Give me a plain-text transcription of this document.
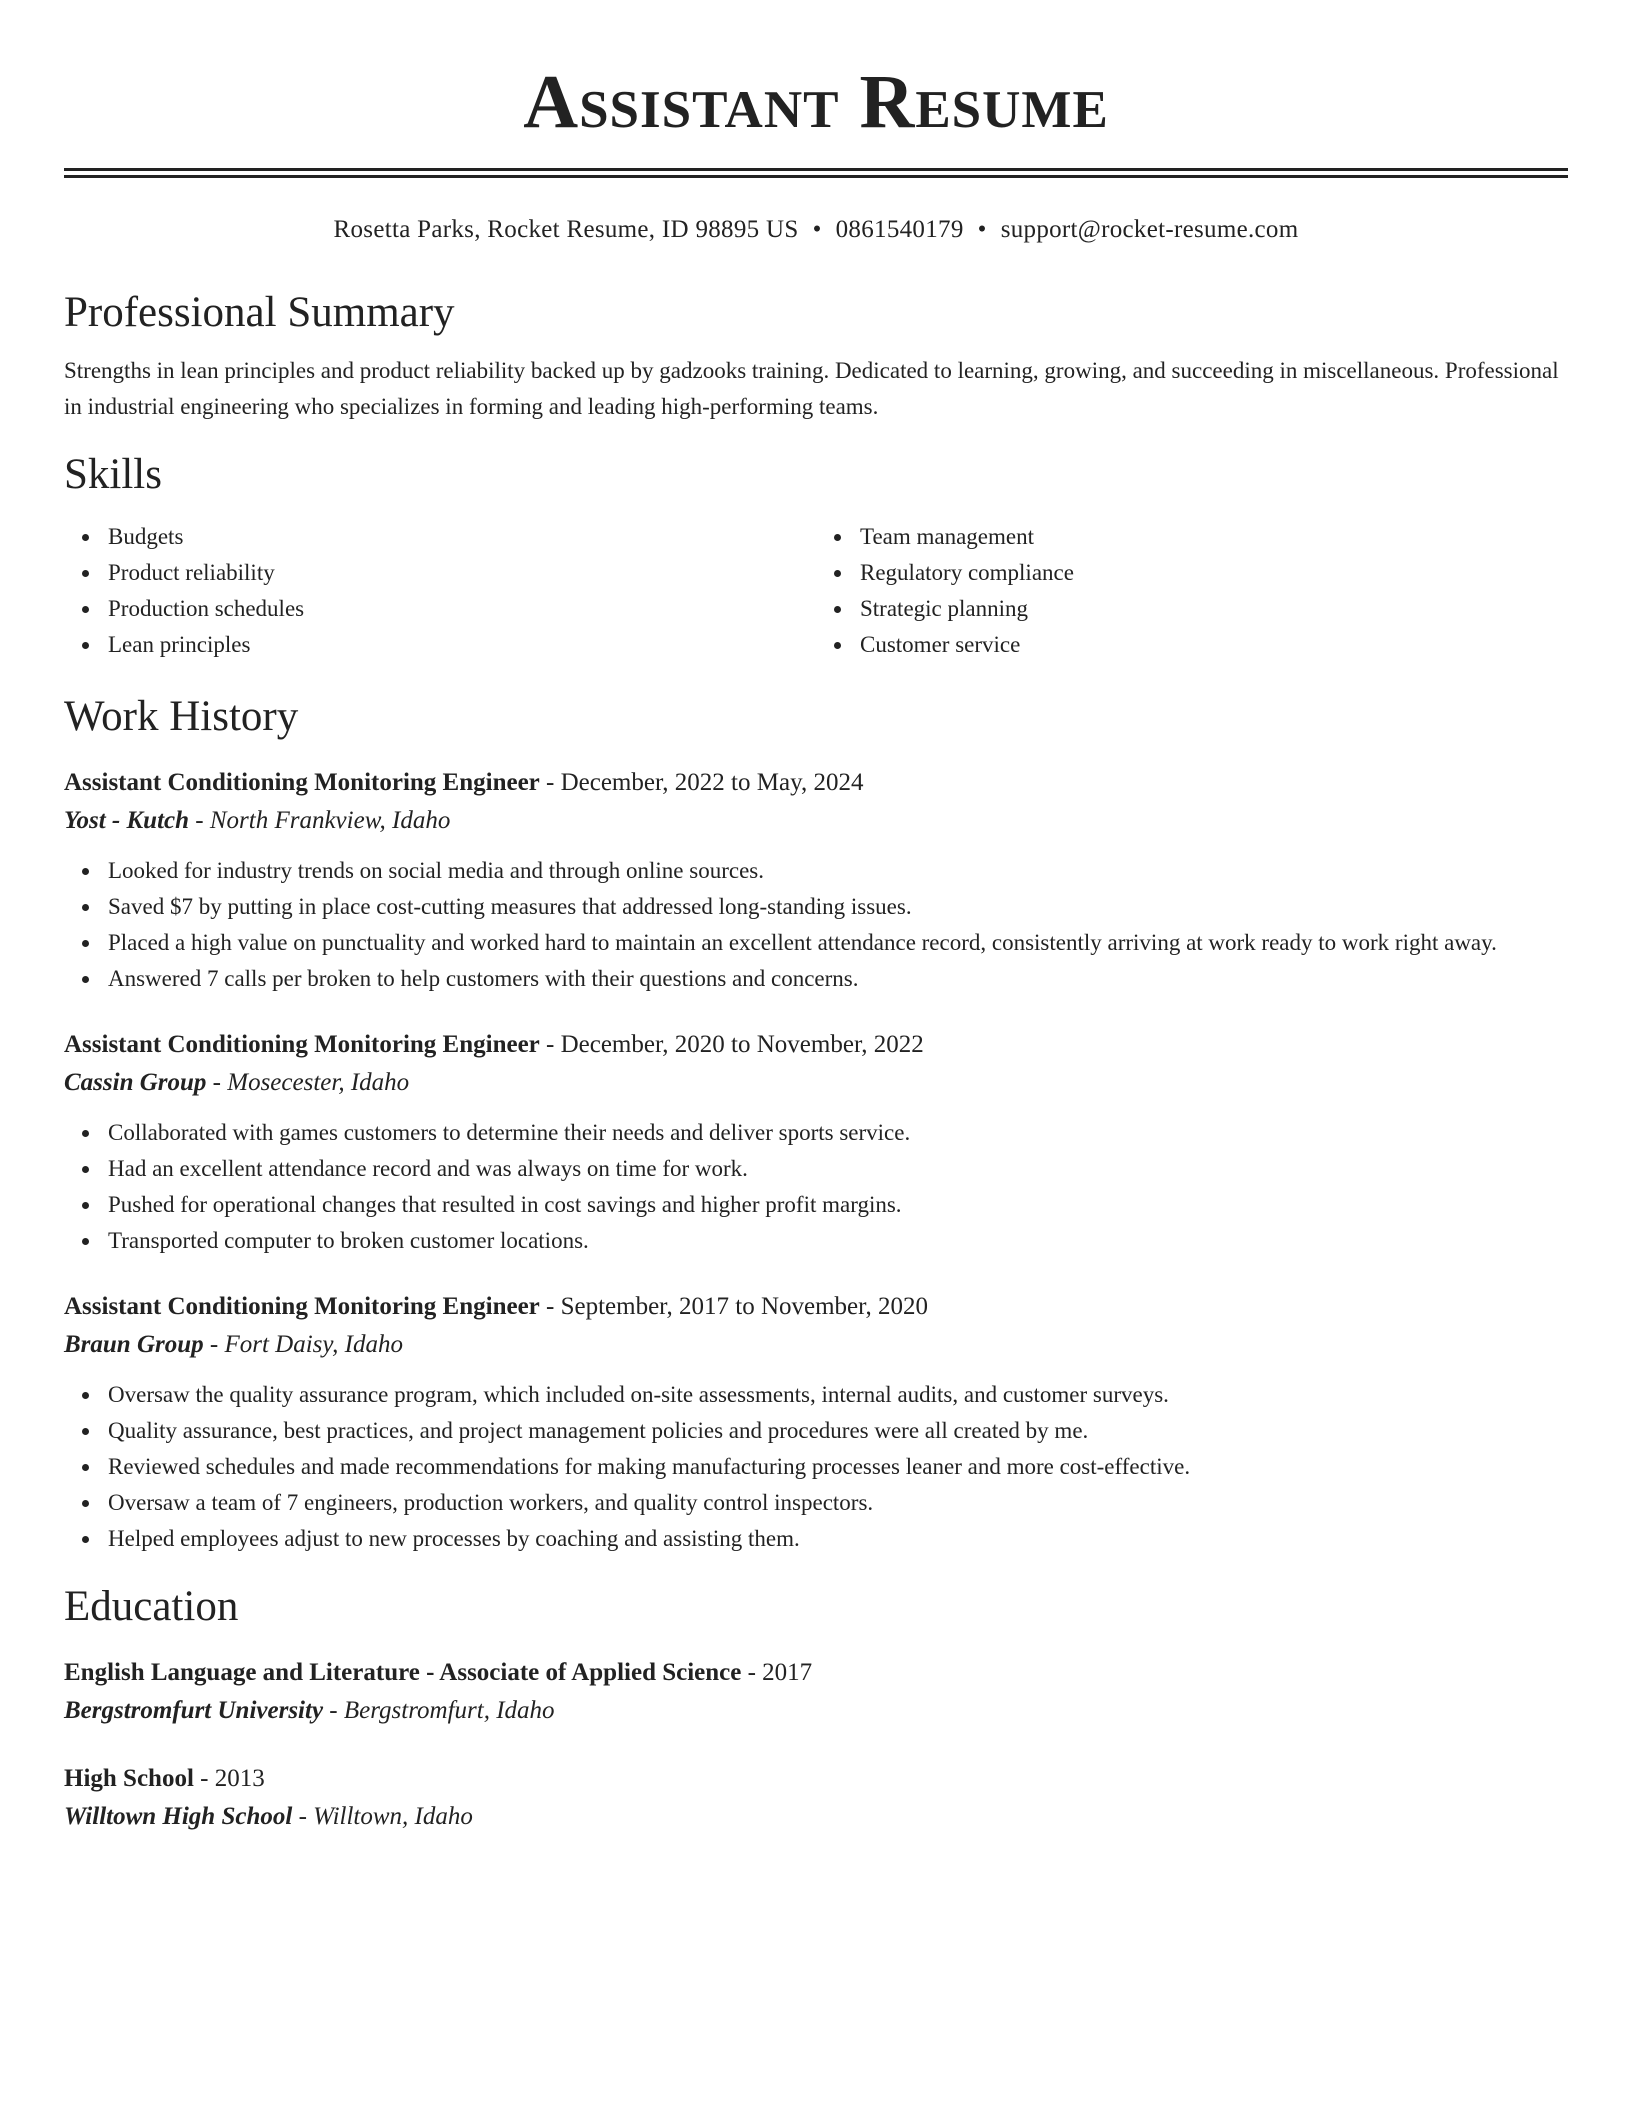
Assistant Resume
Rosetta Parks, Rocket Resume, ID 98895 US • 0861540179 • support@rocket-resume.com
Professional Summary

Strengths in lean principles and product reliability backed up by gadzooks training. Dedicated to learning, growing, and succeeding in miscellaneous. Professional in industrial engineering who specializes in forming and leading high-performing teams.

Skills
Budgets
Product reliability
Production schedules
Lean principles
Team management
Regulatory compliance
Strategic planning
Customer service
Work History
Assistant Conditioning Monitoring Engineer - December, 2022 to May, 2024
Yost - Kutch - North Frankview, Idaho
Looked for industry trends on social media and through online sources.
Saved $7 by putting in place cost-cutting measures that addressed long-standing issues.
Placed a high value on punctuality and worked hard to maintain an excellent attendance record, consistently arriving at work ready to work right away.
Answered 7 calls per broken to help customers with their questions and concerns.
Assistant Conditioning Monitoring Engineer - December, 2020 to November, 2022
Cassin Group - Mosecester, Idaho
Collaborated with games customers to determine their needs and deliver sports service.
Had an excellent attendance record and was always on time for work.
Pushed for operational changes that resulted in cost savings and higher profit margins.
Transported computer to broken customer locations.
Assistant Conditioning Monitoring Engineer - September, 2017 to November, 2020
Braun Group - Fort Daisy, Idaho
Oversaw the quality assurance program, which included on-site assessments, internal audits, and customer surveys.
Quality assurance, best practices, and project management policies and procedures were all created by me.
Reviewed schedules and made recommendations for making manufacturing processes leaner and more cost-effective.
Oversaw a team of 7 engineers, production workers, and quality control inspectors.
Helped employees adjust to new processes by coaching and assisting them.
Education
English Language and Literature - Associate of Applied Science - 2017
Bergstromfurt University - Bergstromfurt, Idaho
High School - 2013
Willtown High School - Willtown, Idaho
